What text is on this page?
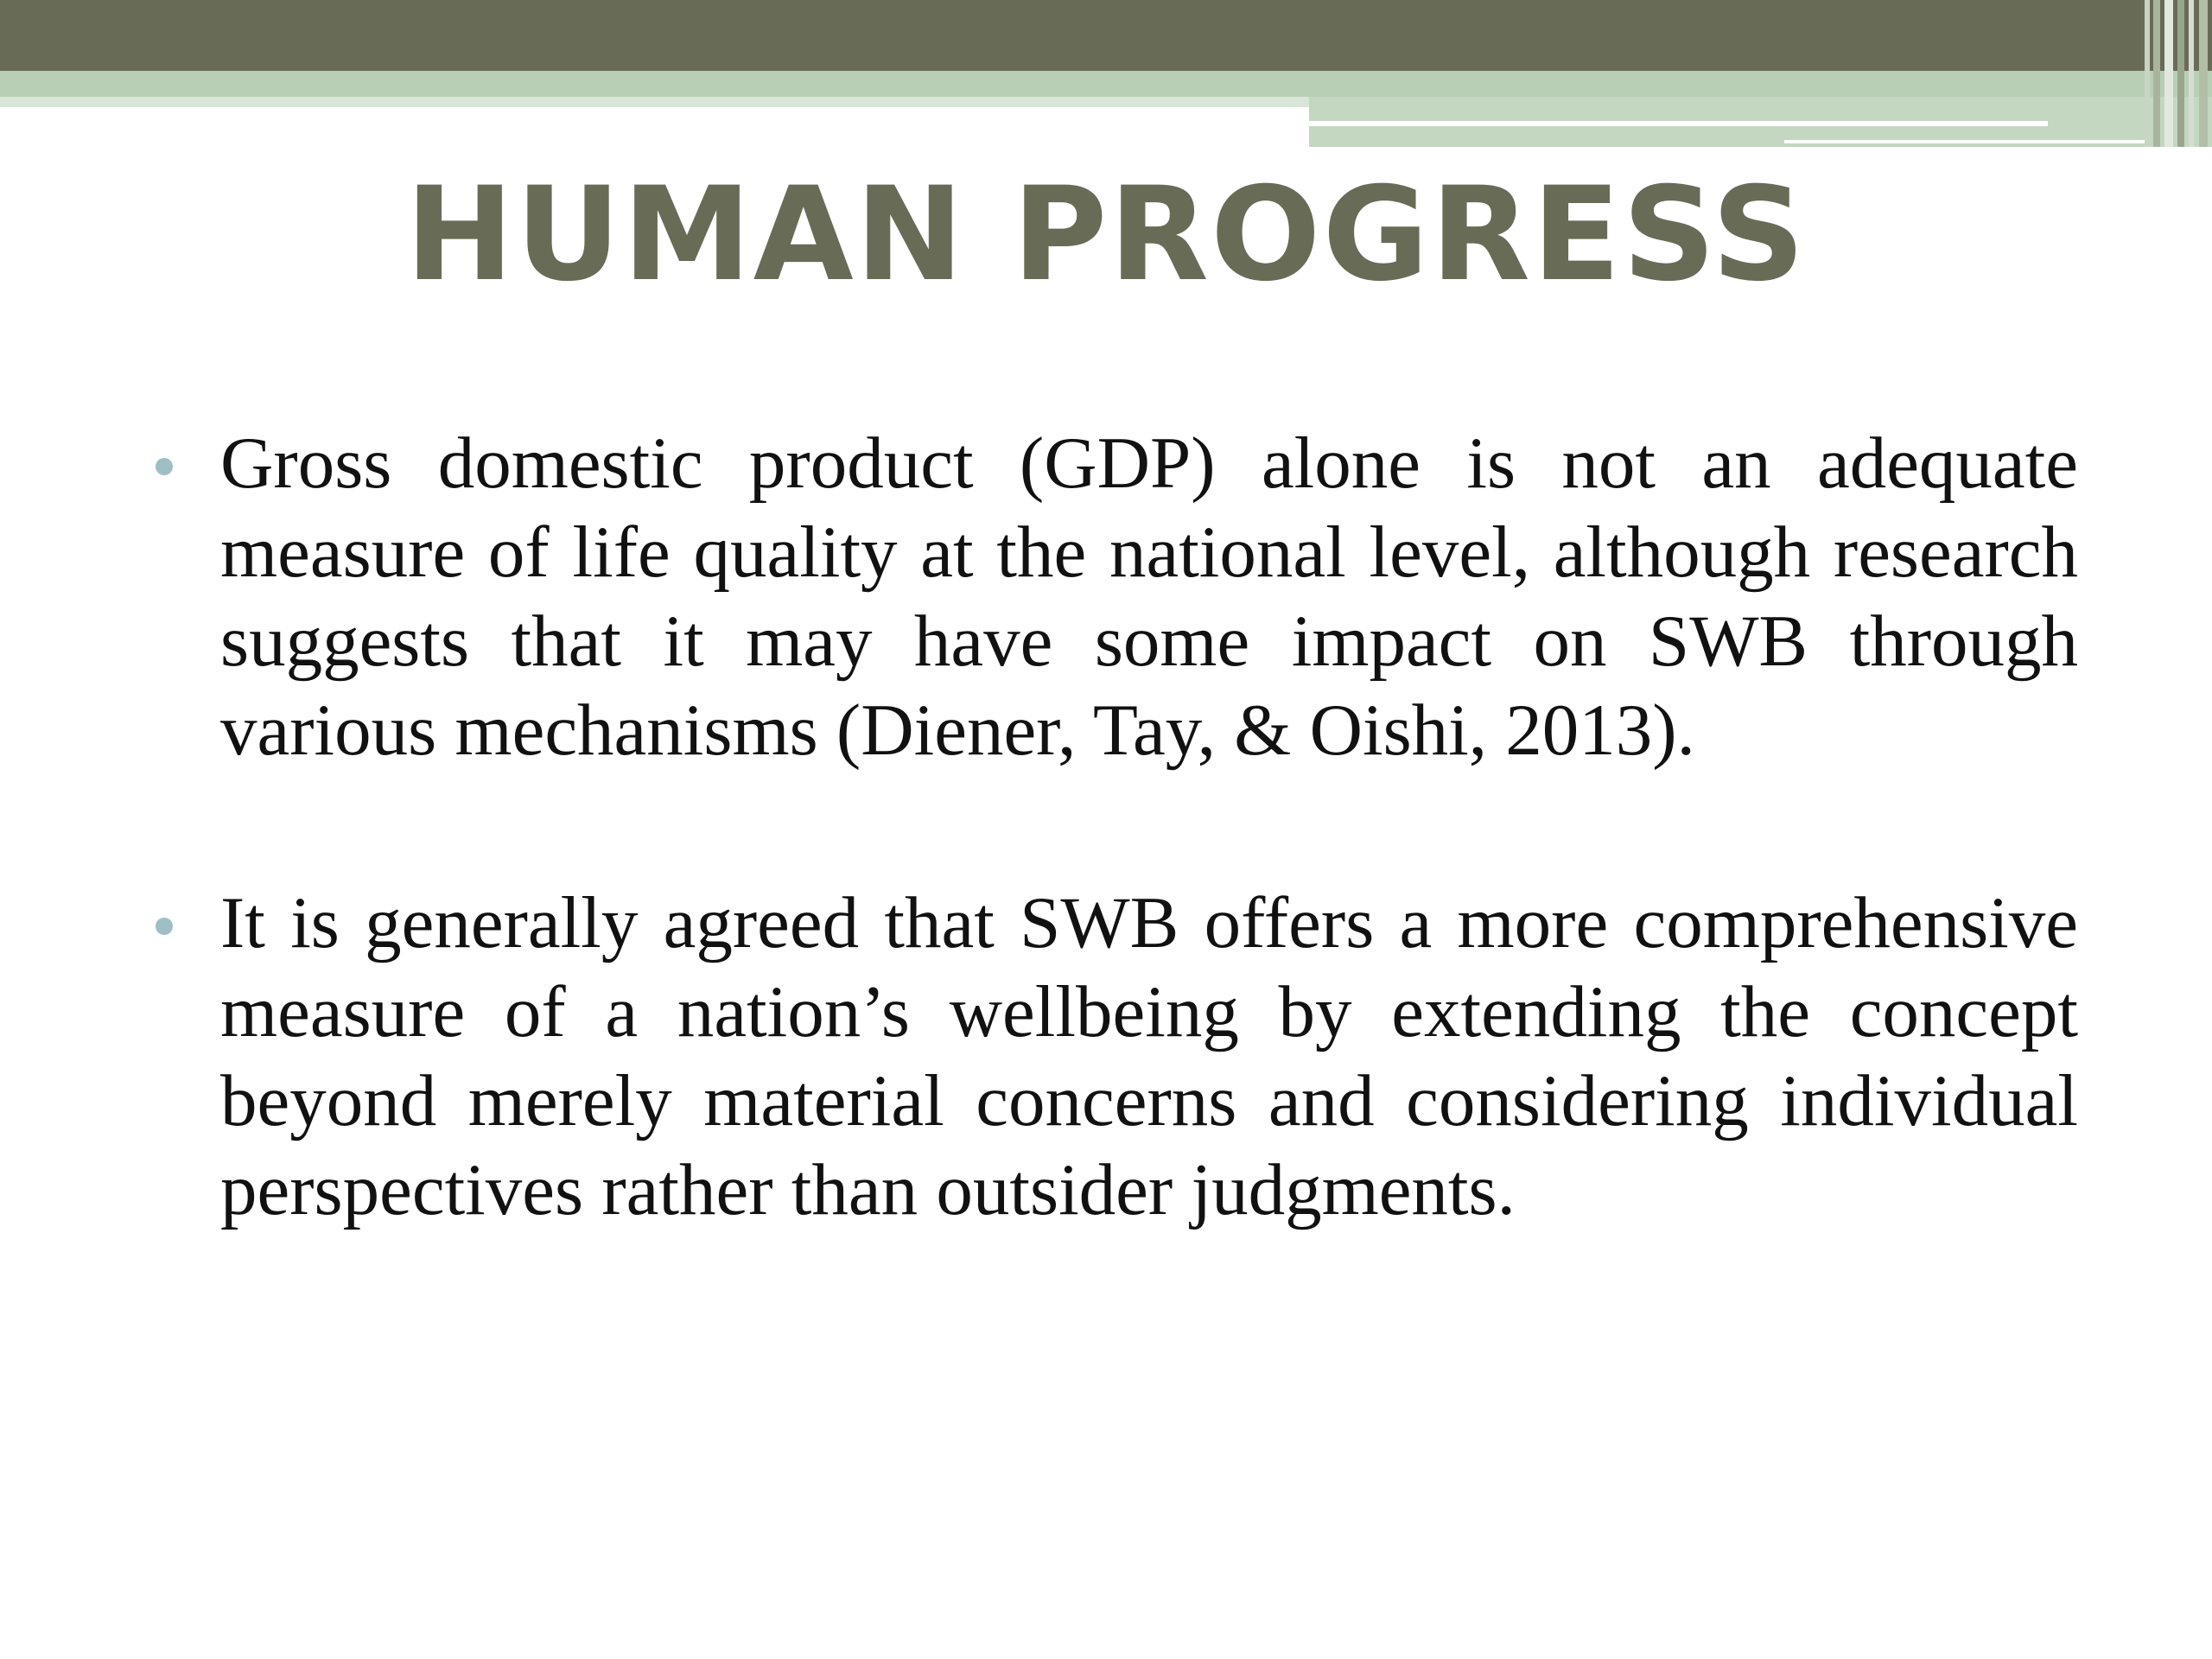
HUMAN PROGRESS
Gross domestic product (GDP) alone is not an adequate measure of life quality at the national level, although research suggests that it may have some impact on SWB through various mechanisms (Diener, Tay, & Oishi, 2013).
It is generally agreed that SWB offers a more comprehensive measure of a nation’s wellbeing by extending the concept beyond merely material concerns and considering individual perspectives rather than outsider judgments.
